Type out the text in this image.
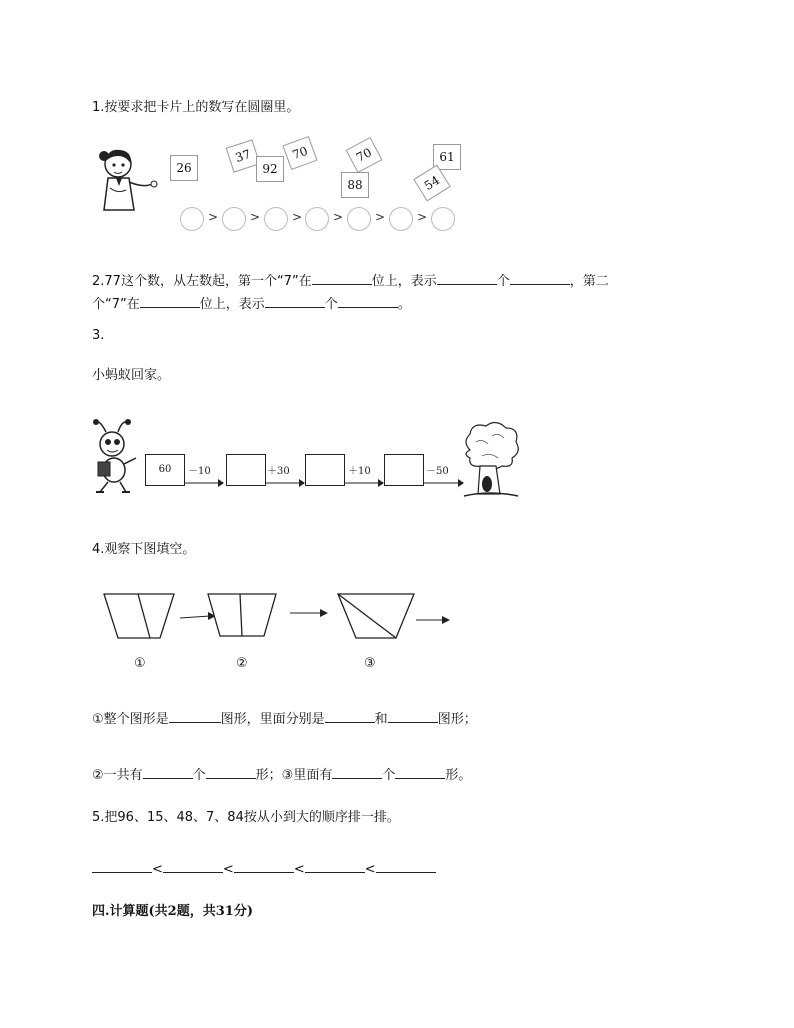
1.按要求把卡片上的数写在圆圈里。
26
37
92
70	70
88
61
54
>	>	>	>	>	>
2.77这个数，从左数起，第一个“7”在	位上，表示	个	，第二
个“7”在	位上，表示	个	。
3.
小蚂蚁回家。
60	－10	＋30	＋10	－50
4.观察下图填空。
①	②	③
①整个图形是	图形，里面分别是	和	图形；
②一共有	个	形；③里面有	个	形。
5.把96、15、48、7、84按从小到大的顺序排一排。
<	<	<	<
四.计算题(共2题，共31分)
